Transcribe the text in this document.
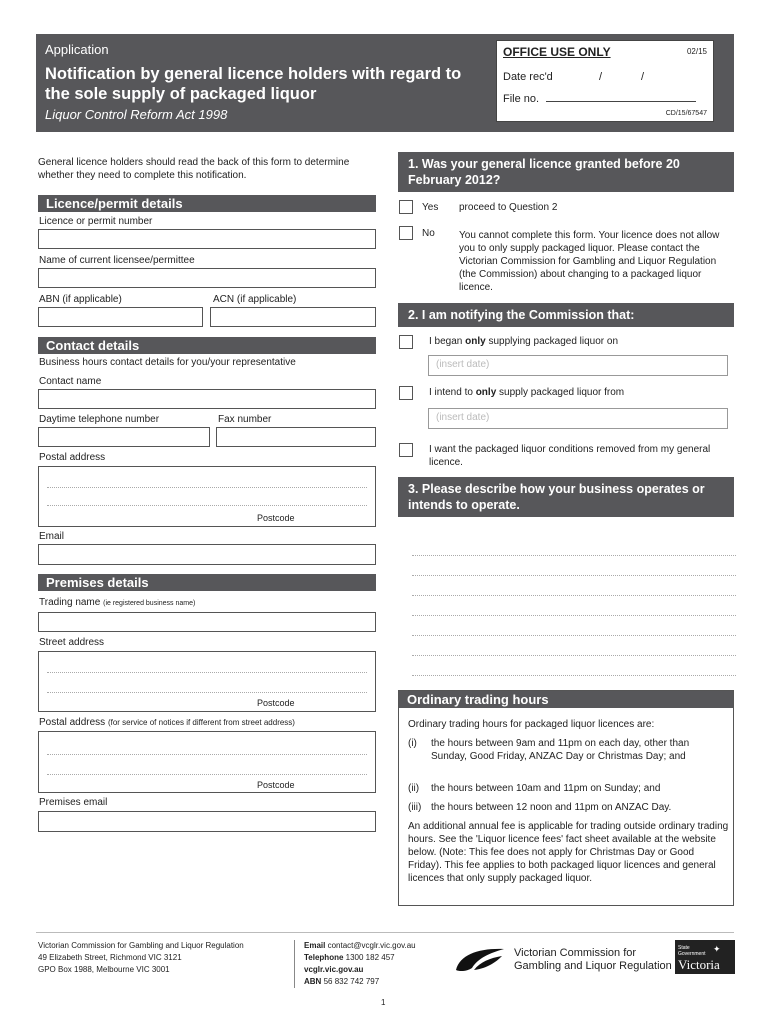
Application
Notification by general licence holders with regard to the sole supply of packaged liquor
Liquor Control Reform Act 1998
OFFICE USE ONLY	02/15
Date rec'd	/	/
File no.
CD/15/67547
General licence holders should read the back of this form to determine whether they need to complete this notification.
Licence/permit details
Licence or permit number
Name of current licensee/permittee
ABN (if applicable)	ACN (if applicable)
Contact details
Business hours contact details for you/your representative
Contact name
Daytime telephone number	Fax number
Postal address
Postcode
Email
Premises details
Trading name (ie registered business name)
Street address
Postcode
Postal address (for service of notices if different from street address)
Postcode
Premises email
1. Was your general licence granted before 20 February 2012?
Yes proceed to Question 2
No You cannot complete this form. Your licence does not allow you to only supply packaged liquor. Please contact the Victorian Commission for Gambling and Liquor Regulation (the Commission) about changing to a packaged liquor licence.
2. I am notifying the Commission that:
I began only supplying packaged liquor on
(insert date)
I intend to only supply packaged liquor from
(insert date)
I want the packaged liquor conditions removed from my general licence.
3. Please describe how your business operates or intends to operate.
Ordinary trading hours

Ordinary trading hours for packaged liquor licences are:

(i) the hours between 9am and 11pm on each day, other than Sunday, Good Friday, ANZAC Day or Christmas Day; and

(ii) the hours between 10am and 11pm on Sunday; and

(iii) the hours between 12 noon and 11pm on ANZAC Day.

An additional annual fee is applicable for trading outside ordinary trading hours. See the 'Liquor licence fees' fact sheet available at the website below. (Note: This fee does not apply for Christmas Day or Good Friday). This fee applies to both packaged liquor licences and general licences that only supply packaged liquor.

Victorian Commission for Gambling and Liquor Regulation
49 Elizabeth Street, Richmond VIC 3121
GPO Box 1988, Melbourne VIC 3001
Email contact@vcglr.vic.gov.au
Telephone 1300 182 457
vcglr.vic.gov.au
ABN 56 832 742 797
Victorian Commission for
Gambling and Liquor Regulation
State Government ✦
Victoria
1
